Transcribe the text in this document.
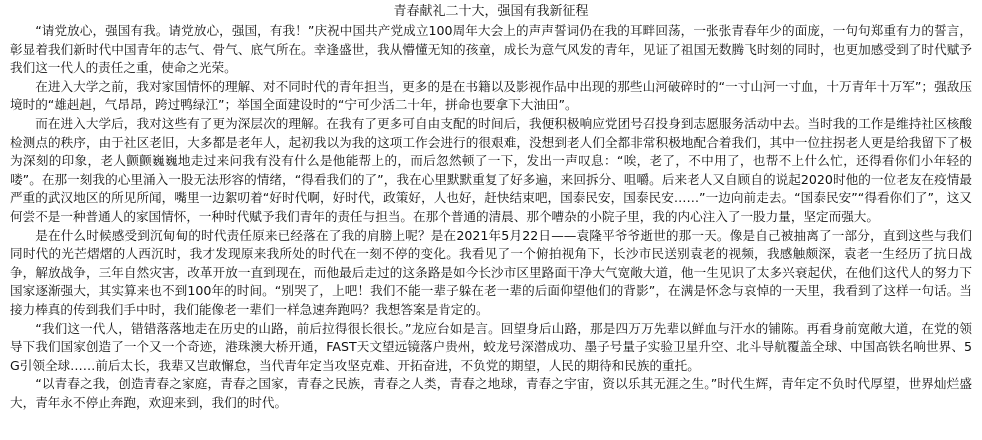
青春献礼二十大，强国有我新征程

“请党放心，强国有我。请党放心，强国，有我！”庆祝中国共产党成立100周年大会上的声声誓词仍在我的耳畔回荡，一张张青春年少的面庞，一句句郑重有力的誓言，彰显着我们新时代中国青年的志气、骨气、底气所在。幸逢盛世，我从懵懂无知的孩童，成长为意气风发的青年，见证了祖国无数腾飞时刻的同时，也更加感受到了时代赋予我们这一代人的责任之重，使命之光荣。

在进入大学之前，我对家国情怀的理解、对不同时代的青年担当，更多的是在书籍以及影视作品中出现的那些山河破碎时的“一寸山河一寸血，十万青年十万军”；强敌压境时的“雄赳赳，气昂昂，跨过鸭绿江”；举国全面建设时的“宁可少活二十年，拼命也要拿下大油田”。

而在进入大学后，我对这些有了更为深层次的理解。在我有了更多可自由支配的时间后，我便积极响应党团号召投身到志愿服务活动中去。当时我的工作是维持社区核酸检测点的秩序，由于社区老旧，大多都是老年人，起初我以为我的这项工作会进行的很艰难，没想到老人们全都非常积极地配合着我们，其中一位拄拐老人更是给我留下了极为深刻的印象，老人颤颤巍巍地走过来问我有没有什么是他能帮上的，而后忽然顿了一下，发出一声叹息：“唉，老了，不中用了，也帮不上什么忙，还得看你们小年轻的喽”。在那一刻我的心里涌入一股无法形容的情绪，“得看我们的了”，我在心里默默重复了好多遍，来回拆分、咀嚼。后来老人又自顾自的说起2020时他的一位老友在疫情最严重的武汉地区的所见所闻，嘴里一边絮叨着“好时代啊，好时代，政策好，人也好，赶快结束吧，国泰民安，国泰民安……”一边向前走去。“国泰民安”“得看你们了”，这又何尝不是一种普通人的家国情怀，一种时代赋予我们青年的责任与担当。在那个普通的清晨、那个嘈杂的小院子里，我的内心注入了一股力量，坚定而强大。

是在什么时候感受到沉甸甸的时代责任原来已经落在了我的肩膀上呢？是在2021年5月22日——袁隆平爷爷逝世的那一天。像是自己被抽离了一部分，直到这些与我们同时代的光芒熠熠的人西沉时，我才发现原来我所处的时代在一刻不停的变化。我看见了一个俯拍视角下，长沙市民送别袁老的视频，我感触颇深，袁老一生经历了抗日战争，解放战争，三年自然灾害，改革开放一直到现在，而他最后走过的这条路是如今长沙市区里路面干净大气宽敞大道，他一生见识了太多兴衰起伏，在他们这代人的努力下国家逐渐强大，其实算来也不到100年的时间。“别哭了，上吧！我们不能一辈子躲在老一辈的后面仰望他们的背影”，在满是怀念与哀悼的一天里，我看到了这样一句话。当接力棒真的传到我们手中时，我们能像老一辈们一样急速奔跑吗？我想答案是肯定的。

“我们这一代人，错错落落地走在历史的山路，前后拉得很长很长。”龙应台如是言。回望身后山路，那是四万万先辈以鲜血与汗水的铺陈。再看身前宽敞大道，在党的领导下我们国家创造了一个又一个奇迹，港珠澳大桥开通，FAST天文望远镜落户贵州，蛟龙号深潜成功、墨子号量子实验卫星升空、北斗导航覆盖全球、中国高铁名响世界、5G引领全球……前后太长，我辈又岂敢懈怠，当代青年定当攻坚克难、开拓奋进，不负党的期望，人民的期待和民族的重托。

“以青春之我，创造青春之家庭，青春之国家，青春之民族，青春之人类，青春之地球，青春之宇宙，资以乐其无涯之生。”时代生辉，青年定不负时代厚望，世界灿烂盛大，青年永不停止奔跑，欢迎来到，我们的时代。
